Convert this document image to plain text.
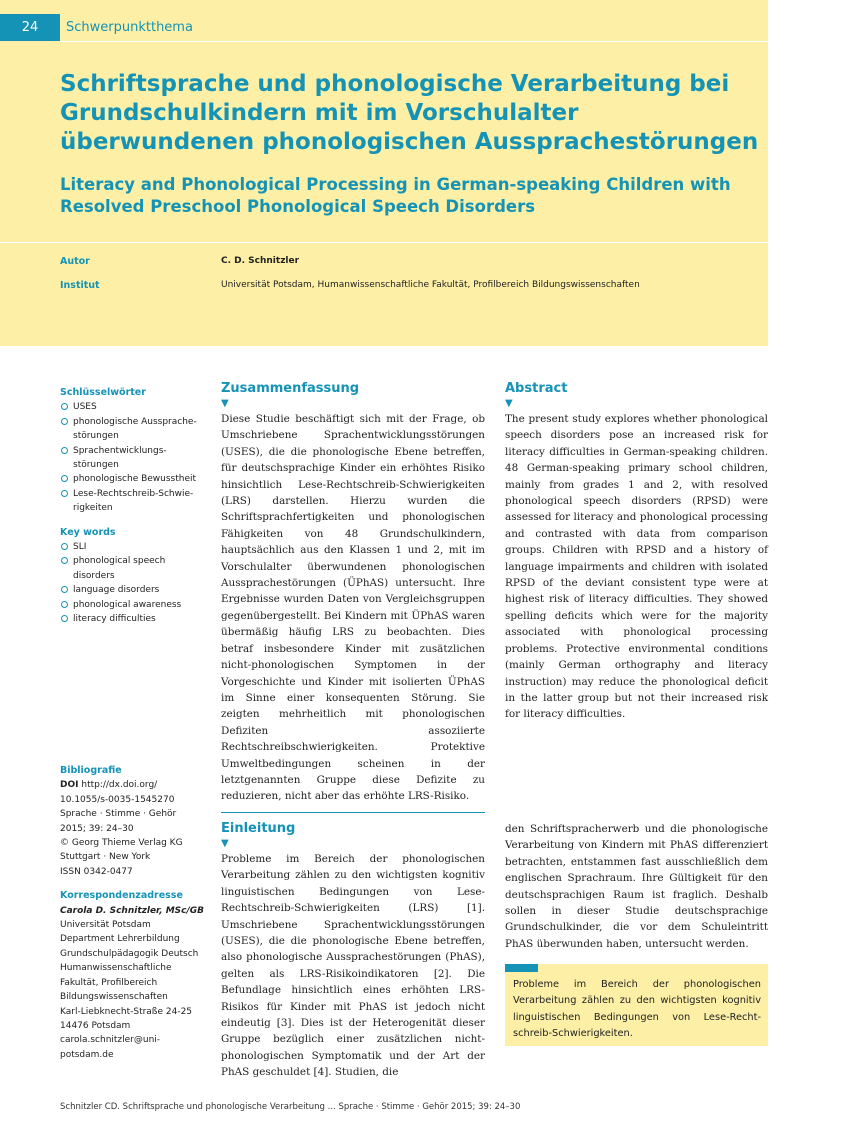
24	Schwerpunktthema
Schriftsprache und phonologische Verarbeitung bei Grundschulkindern mit im Vorschulalter überwundenen phonologischen Aussprachestörungen
Literacy and Phonological Processing in German-speaking Children with Resolved Preschool Phonological Speech Disorders
Autor	C. D. Schnitzler
Institut	Universität Potsdam, Humanwissenschaftliche Fakultät, Profilbereich Bildungswissenschaften
Schlüsselwörter
USES
phonologische Aussprache-
störungen
Sprachentwicklungs-
störungen
phonologische Bewusstheit
Lese-Rechtschreib-Schwie-
rigkeiten
Key words
SLI
phonological speech
disorders
language disorders
phonological awareness
literacy difficulties
Bibliografie
DOI http://dx.doi.org/
10.1055/s-0035-1545270
Sprache · Stimme · Gehör
2015; 39: 24–30
© Georg Thieme Verlag KG
Stuttgart · New York
ISSN 0342-0477
Korrespondenzadresse
Carola D. Schnitzler, MSc/GB
Universität Potsdam
Department Lehrerbildung
Grundschulpädagogik Deutsch
Humanwissenschaftliche
Fakultät, Profilbereich
Bildungswissenschaften
Karl-Liebknecht-Straße 24-25
14476 Potsdam
carola.schnitzler@uni-
potsdam.de
Zusammenfassung
▼

Diese Studie beschäftigt sich mit der Frage, ob Umschriebene Sprachentwicklungsstörungen (USES), die die phonologische Ebene betreffen, für deutschsprachige Kinder ein erhöhtes Risiko hinsichtlich Lese-Rechtschreib-Schwierigkeiten (LRS) darstellen. Hierzu wurden die Schriftsprachfertigkeiten und phonologischen Fähigkeiten von 48 Grundschulkindern, hauptsächlich aus den Klassen 1 und 2, mit im Vorschulalter überwundenen phonologischen Aussprachestörungen (ÜPhAS) untersucht. Ihre Ergebnisse wurden Daten von Vergleichsgruppen gegenübergestellt. Bei Kindern mit ÜPhAS waren übermäßig häufig LRS zu beobachten. Dies betraf insbesondere Kinder mit zusätzlichen nicht-phonologischen Symptomen in der Vorgeschichte und Kinder mit isolierten ÜPhAS im Sinne einer konsequenten Störung. Sie zeigten mehrheitlich mit phonologischen Defiziten assoziierte Rechtschreibschwierigkeiten. Protektive Umweltbedingungen scheinen in der letztgenannten Gruppe diese Defizite zu reduzieren, nicht aber das erhöhte LRS-Risiko.

Abstract
▼

The present study explores whether phonological speech disorders pose an increased risk for literacy difficulties in German-speaking children. 48 German-speaking primary school children, mainly from grades 1 and 2, with resolved phonological speech disorders (RPSD) were assessed for literacy and phonological processing and contrasted with data from comparison groups. Children with RPSD and a history of language impairments and children with isolated RPSD of the deviant consistent type were at highest risk of literacy difficulties. They showed spelling deficits which were for the majority associated with phonological processing problems. Protective environmental conditions (mainly German orthography and literacy instruction) may reduce the phonological deficit in the latter group but not their increased risk for literacy difficulties.

Einleitung
▼

Probleme im Bereich der phonologischen Verarbeitung zählen zu den wichtigsten kognitiv linguistischen Bedingungen von Lese-Rechtschreib-Schwierigkeiten (LRS) [1]. Umschriebene Sprachentwicklungsstörungen (USES), die die phonologische Ebene betreffen, also phonologische Aussprachestörungen (PhAS), gelten als LRS-Risikoindikatoren [2]. Die Befundlage hinsichtlich eines erhöhten LRS-Risikos für Kinder mit PhAS ist jedoch nicht eindeutig [3]. Dies ist der Heterogenität dieser Gruppe bezüglich einer zusätzlichen nicht-phonologischen Symptomatik und der Art der PhAS geschuldet [4]. Studien, die

den Schriftspracherwerb und die phonologische Verarbeitung von Kindern mit PhAS differenziert betrachten, entstammen fast ausschließlich dem englischen Sprachraum. Ihre Gültigkeit für den deutschsprachigen Raum ist fraglich. Deshalb sollen in dieser Studie deutschsprachige Grundschulkinder, die vor dem Schuleintritt PhAS überwunden haben, untersucht werden.

Probleme im Bereich der phonologischen Verarbeitung zählen zu den wichtigsten kognitiv linguistischen Bedingungen von Lese-Recht-schreib-Schwierigkeiten.

Schnitzler CD. Schriftsprache und phonologische Verarbeitung ... Sprache · Stimme · Gehör 2015; 39: 24–30
